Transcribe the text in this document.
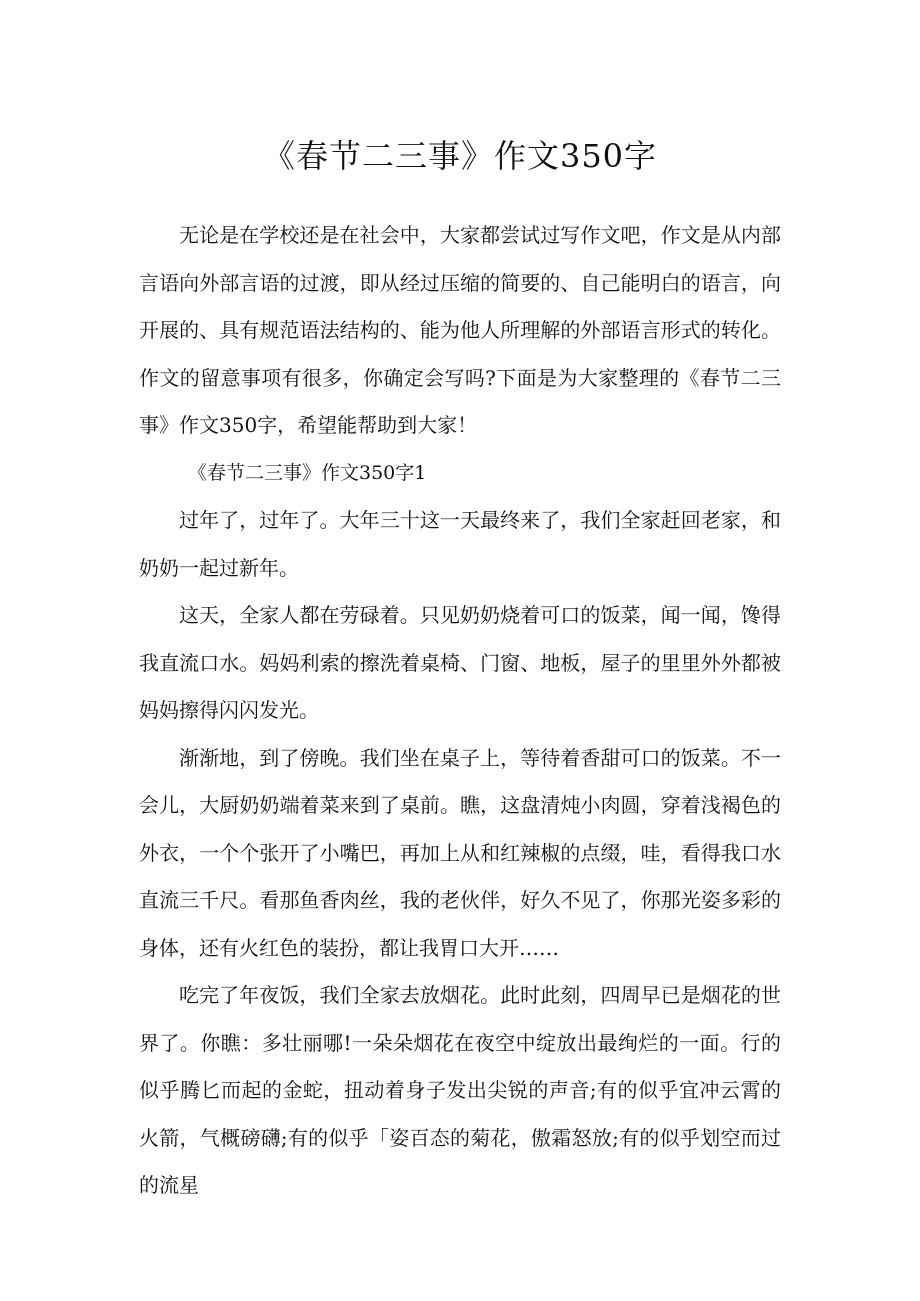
《春节二三事》作文350字

无论是在学校还是在社会中，大家都尝试过写作文吧，作文是从内部言语向外部言语的过渡，即从经过压缩的简要的、自己能明白的语言，向开展的、具有规范语法结构的、能为他人所理解的外部语言形式的转化。作文的留意事项有很多，你确定会写吗?下面是为大家整理的《春节二三事》作文350字，希望能帮助到大家！

《春节二三事》作文350字1

过年了，过年了。大年三十这一天最终来了，我们全家赶回老家，和奶奶一起过新年。

这天，全家人都在劳碌着。只见奶奶烧着可口的饭菜，闻一闻，馋得我直流口水。妈妈利索的擦洗着桌椅、门窗、地板，屋子的里里外外都被妈妈擦得闪闪发光。

渐渐地，到了傍晚。我们坐在桌子上，等待着香甜可口的饭菜。不一会儿，大厨奶奶端着菜来到了桌前。瞧，这盘清炖小肉圆，穿着浅褐色的外衣，一个个张开了小嘴巴，再加上从和红辣椒的点缀，哇，看得我口水直流三千尺。看那鱼香肉丝，我的老伙伴，好久不见了，你那光姿多彩的身体，还有火红色的装扮，都让我胃口大开……

吃完了年夜饭，我们全家去放烟花。此时此刻，四周早已是烟花的世界了。你瞧：多壮丽哪!一朵朵烟花在夜空中绽放出最绚烂的一面。行的似乎腾匕而起的金蛇，扭动着身子发出尖锐的声音;有的似乎宜冲云霄的火箭，气概磅礴;有的似乎「姿百态的菊花，傲霜怒放;有的似乎划空而过的流星
